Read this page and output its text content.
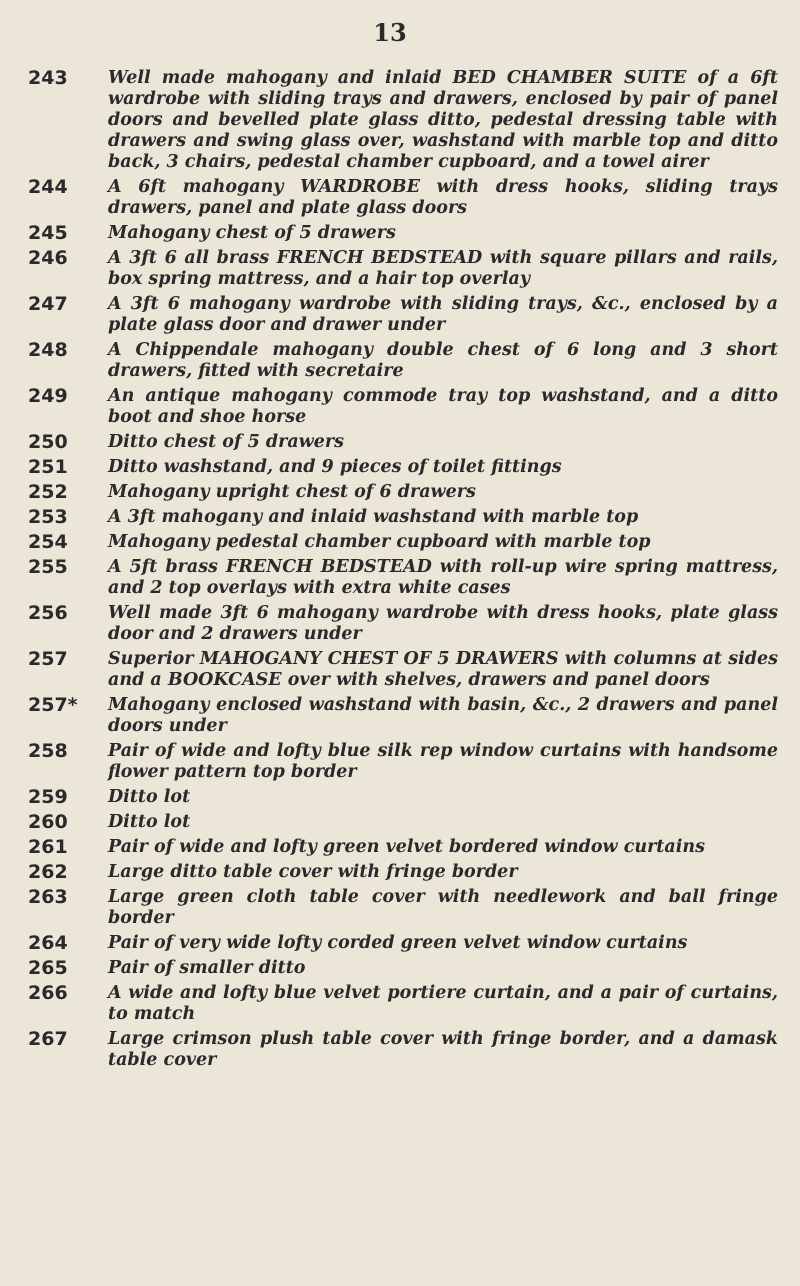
13
243	Well made mahogany and inlaid BED CHAMBER SUITE of a 6ft wardrobe with sliding trays and drawers, enclosed by pair of panel doors and bevelled plate glass ditto, pedestal dressing table with drawers and swing glass over, washstand with marble top and ditto back, 3 chairs, pedestal chamber cupboard, and a towel airer
244	A 6ft mahogany WARDROBE with dress hooks, sliding trays drawers, panel and plate glass doors
245	Mahogany chest of 5 drawers
246	A 3ft 6 all brass FRENCH BEDSTEAD with square pillars and rails, box spring mattress, and a hair top overlay
247	A 3ft 6 mahogany wardrobe with sliding trays, &c., enclosed by a plate glass door and drawer under
248	A Chippendale mahogany double chest of 6 long and 3 short drawers, fitted with secretaire
249	An antique mahogany commode tray top washstand, and a ditto boot and shoe horse
250	Ditto chest of 5 drawers
251	Ditto washstand, and 9 pieces of toilet fittings
252	Mahogany upright chest of 6 drawers
253	A 3ft mahogany and inlaid washstand with marble top
254	Mahogany pedestal chamber cupboard with marble top
255	A 5ft brass FRENCH BEDSTEAD with roll-up wire spring mattress, and 2 top overlays with extra white cases
256	Well made 3ft 6 mahogany wardrobe with dress hooks, plate glass door and 2 drawers under
257	Superior MAHOGANY CHEST OF 5 DRAWERS with columns at sides and a BOOKCASE over with shelves, drawers and panel doors
257*	Mahogany enclosed washstand with basin, &c., 2 drawers and panel doors under
258	Pair of wide and lofty blue silk rep window curtains with handsome flower pattern top border
259	Ditto lot
260	Ditto lot
261	Pair of wide and lofty green velvet bordered window curtains
262	Large ditto table cover with fringe border
263	Large green cloth table cover with needlework and ball fringe border
264	Pair of very wide lofty corded green velvet window curtains
265	Pair of smaller ditto
266	A wide and lofty blue velvet portiere curtain, and a pair of curtains, to match
267	Large crimson plush table cover with fringe border, and a damask table cover
